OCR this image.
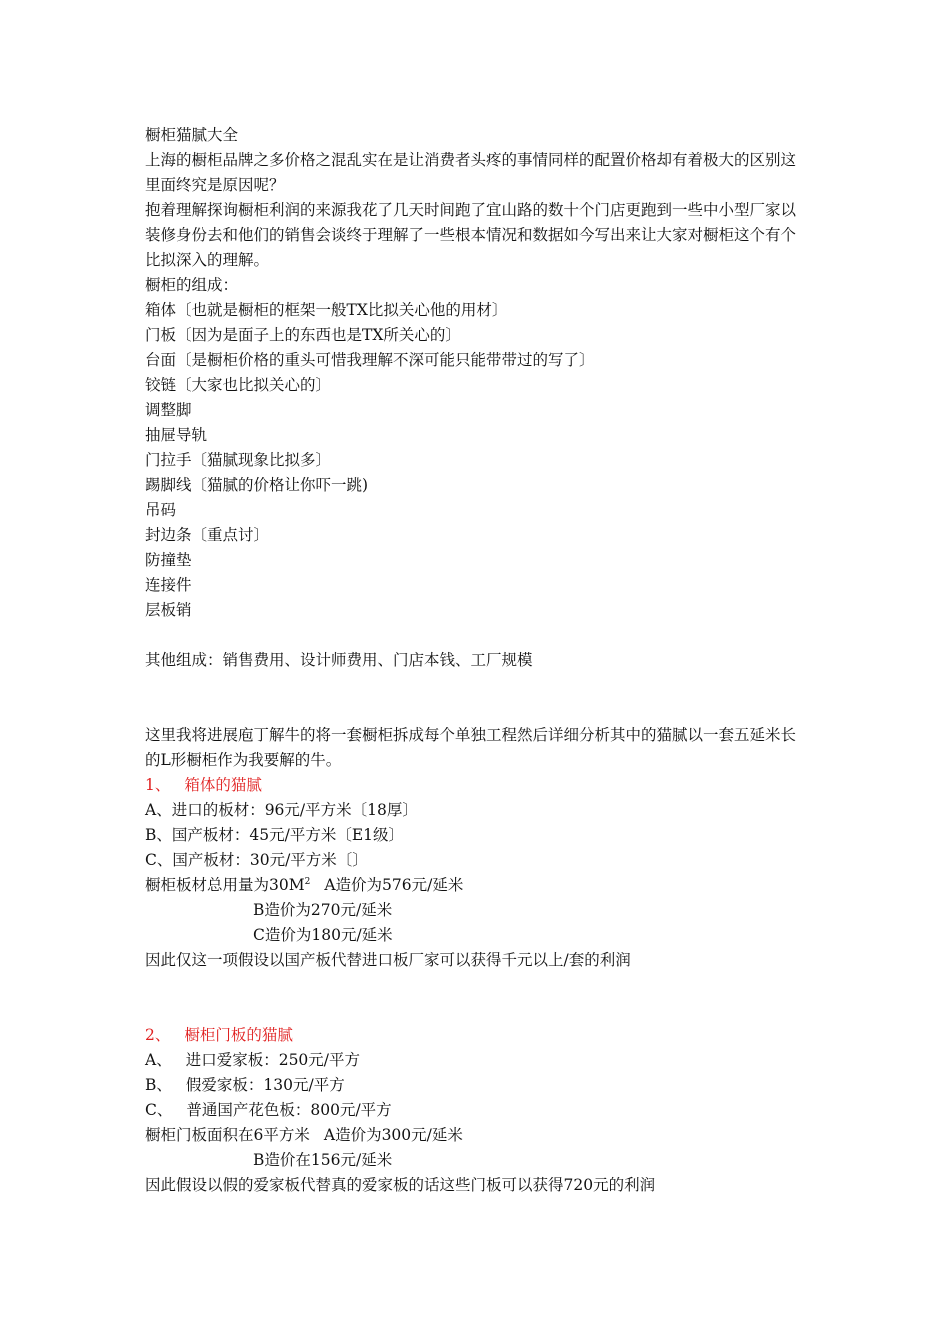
橱柜猫腻大全
上海的橱柜品牌之多价格之混乱实在是让消费者头疼的事情同样的配置价格却有着极大的区别这里面终究是原因呢？
抱着理解探询橱柜利润的来源我花了几天时间跑了宜山路的数十个门店更跑到一些中小型厂家以装修身份去和他们的销售会谈终于理解了一些根本情况和数据如今写出来让大家对橱柜这个有个比拟深入的理解。
橱柜的组成：
箱体〔也就是橱柜的框架一般TX比拟关心他的用材〕
门板〔因为是面子上的东西也是TX所关心的〕
台面〔是橱柜价格的重头可惜我理解不深可能只能带带过的写了〕
铰链〔大家也比拟关心的〕
调整脚
抽屉导轨
门拉手〔猫腻现象比拟多〕
踢脚线〔猫腻的价格让你吓一跳)
吊码
封边条〔重点讨〕
防撞垫
连接件
层板销
其他组成：销售费用、设计师费用、门店本钱、工厂规模
这里我将进展庖丁解牛的将一套橱柜拆成每个单独工程然后详细分析其中的猫腻以一套五延米长的L形橱柜作为我要解的牛。
1、 箱体的猫腻
A、进口的板材：96元/平方米〔18厚〕
B、国产板材：45元/平方米〔E1级〕
C、国产板材：30元/平方米〔〕
橱柜板材总用量为$30M^2$ A造价为576元/延米
B造价为270元/延米
C造价为180元/延米
因此仅这一项假设以国产板代替进口板厂家可以获得千元以上/套的利润
2、 橱柜门板的猫腻
A、 进口爱家板：250元/平方
B、 假爱家板：130元/平方
C、 普通国产花色板：800元/平方
橱柜门板面积在6平方米 A造价为300元/延米
B造价在156元/延米
因此假设以假的爱家板代替真的爱家板的话这些门板可以获得720元的利润
